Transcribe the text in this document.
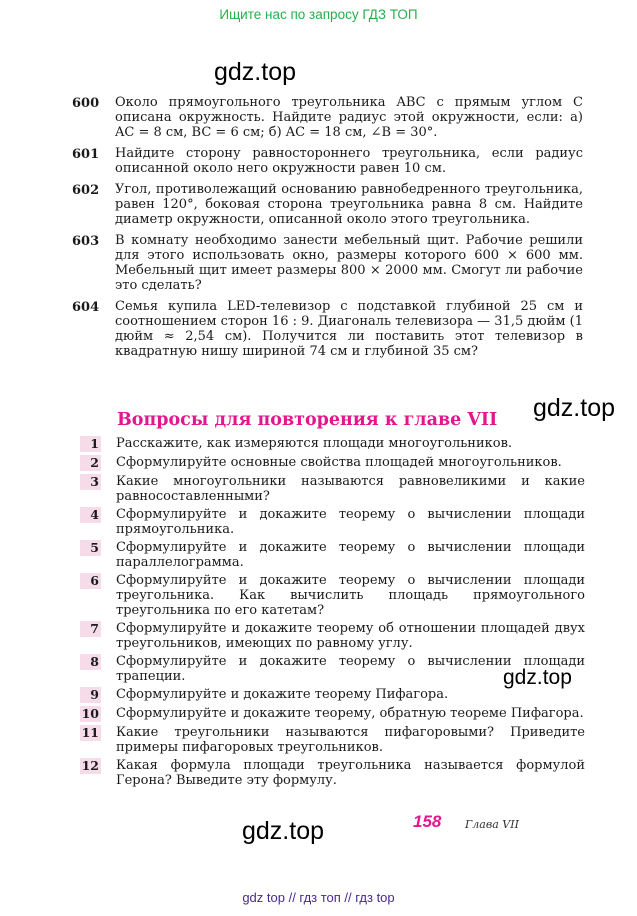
Ищите нас по запросу ГДЗ ТОП
gdz.top
gdz.top
gdz.top
gdz.top
600	Около прямоугольного треугольника ABC с прямым углом C описана окружность. Найдите радиус этой окружности, если: а) AC = 8 см, BC = 6 см; б) AC = 18 см, ∠B = 30°.
601	Найдите сторону равностороннего треугольника, если радиус описанной около него окружности равен 10 см.
602	Угол, противолежащий основанию равнобедренного треугольника, равен 120°, боковая сторона треугольника равна 8 см. Найдите диаметр окружности, описанной около этого треугольника.
603	В комнату необходимо занести мебельный щит. Рабочие решили для этого использовать окно, размеры которого 600 × 600 мм. Мебельный щит имеет размеры 800 × 2000 мм. Смогут ли рабочие это сделать?
604	Семья купила LED-телевизор с подставкой глубиной 25 см и соотношением сторон 16 : 9. Диагональ телевизора — 31,5 дюйм (1 дюйм ≈ 2,54 см). Получится ли поставить этот телевизор в квадратную нишу шириной 74 см и глубиной 35 см?
Вопросы для повторения к главе VII
1 Расскажите, как измеряются площади многоугольников.
2 Сформулируйте основные свойства площадей многоугольников.
3 Какие многоугольники называются равновеликими и какие равносоставленными?
4 Сформулируйте и докажите теорему о вычислении площади прямоугольника.
5 Сформулируйте и докажите теорему о вычислении площади параллелограмма.
6 Сформулируйте и докажите теорему о вычислении площади треугольника. Как вычислить площадь прямоугольного треугольника по его катетам?
7 Сформулируйте и докажите теорему об отношении площадей двух треугольников, имеющих по равному углу.
8 Сформулируйте и докажите теорему о вычислении площади трапеции.
9 Сформулируйте и докажите теорему Пифагора.
10 Сформулируйте и докажите теорему, обратную теореме Пифагора.
11 Какие треугольники называются пифагоровыми? Приведите примеры пифагоровых треугольников.
12 Какая формула площади треугольника называется формулой Герона? Выведите эту формулу.
158 Глава VII
gdz top // гдз топ // гдз top
